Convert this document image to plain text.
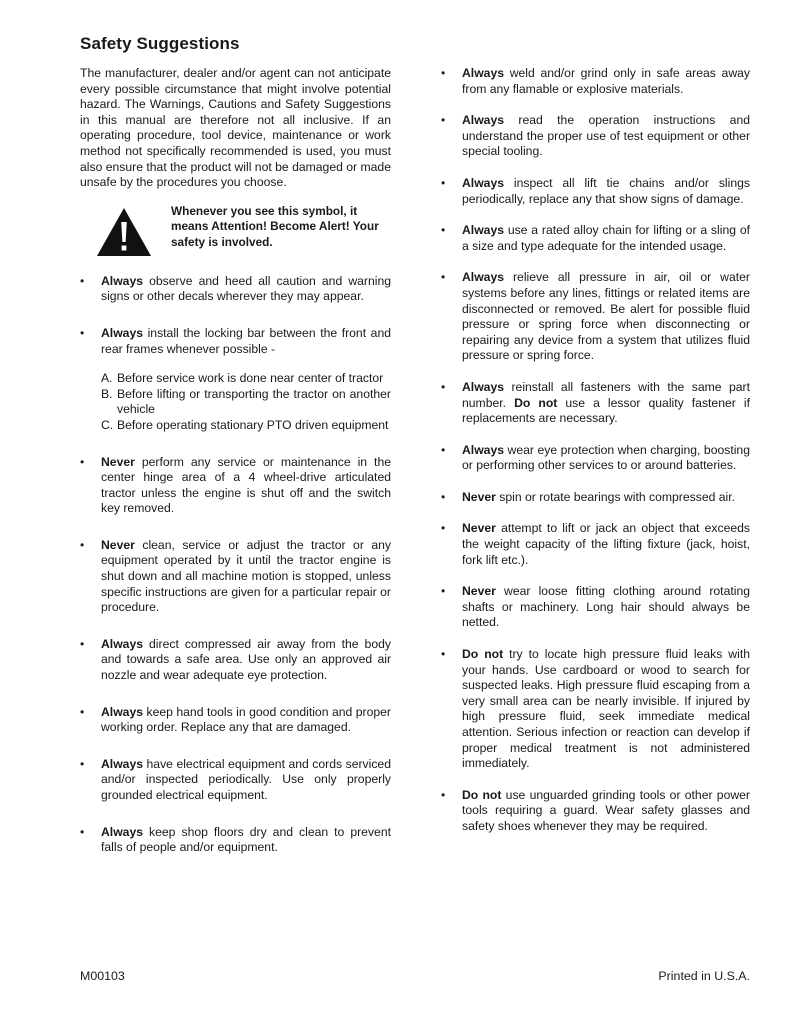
Safety Suggestions

The manufacturer, dealer and/or agent can not anticipate every possible circumstance that might involve potential hazard. The Warnings, Cautions and Safety Suggestions in this manual are therefore not all inclusive. If an operating procedure, tool device, maintenance or work method not specifically recommended is used, you must also ensure that the product will not be damaged or made unsafe by the procedures you choose.

Whenever you see this symbol, it means Attention! Become Alert! Your safety is involved.
•	Always observe and heed all caution and warning signs or other decals wherever they may appear.
•	Always install the locking bar between the front and rear frames whenever possible -
A. Before service work is done near center of tractor
B. Before lifting or transporting the tractor on another vehicle
C. Before operating stationary PTO driven equipment
•	Never perform any service or maintenance in the center hinge area of a 4 wheel-drive articulated tractor unless the engine is shut off and the switch key removed.
•	Never clean, service or adjust the tractor or any equipment operated by it until the tractor engine is shut down and all machine motion is stopped, unless specific instructions are given for a particular repair or procedure.
•	Always direct compressed air away from the body and towards a safe area. Use only an approved air nozzle and wear adequate eye protection.
•	Always keep hand tools in good condition and proper working order. Replace any that are damaged.
•	Always have electrical equipment and cords serviced and/or inspected periodically. Use only properly grounded electrical equipment.
•	Always keep shop floors dry and clean to prevent falls of people and/or equipment.
•	Always weld and/or grind only in safe areas away from any flamable or explosive materials.
•	Always read the operation instructions and understand the proper use of test equipment or other special tooling.
•	Always inspect all lift tie chains and/or slings periodically, replace any that show signs of damage.
•	Always use a rated alloy chain for lifting or a sling of a size and type adequate for the intended usage.
•	Always relieve all pressure in air, oil or water systems before any lines, fittings or related items are disconnected or removed. Be alert for possible fluid pressure or spring force when disconnecting or repairing any device from a system that utilizes fluid pressure or spring force.
•	Always reinstall all fasteners with the same part number. Do not use a lessor quality fastener if replacements are necessary.
•	Always wear eye protection when charging, boosting or performing other services to or around batteries.
•	Never spin or rotate bearings with compressed air.
•	Never attempt to lift or jack an object that exceeds the weight capacity of the lifting fixture (jack, hoist, fork lift etc.).
•	Never wear loose fitting clothing around rotating shafts or machinery. Long hair should always be netted.
•	Do not try to locate high pressure fluid leaks with your hands. Use cardboard or wood to search for suspected leaks. High pressure fluid escaping from a very small area can be nearly invisible. If injured by high pressure fluid, seek immediate medical attention. Serious infection or reaction can develop if proper medical treatment is not administered immediately.
•	Do not use unguarded grinding tools or other power tools requiring a guard. Wear safety glasses and safety shoes whenever they may be required.
M00103	Printed in U.S.A.
